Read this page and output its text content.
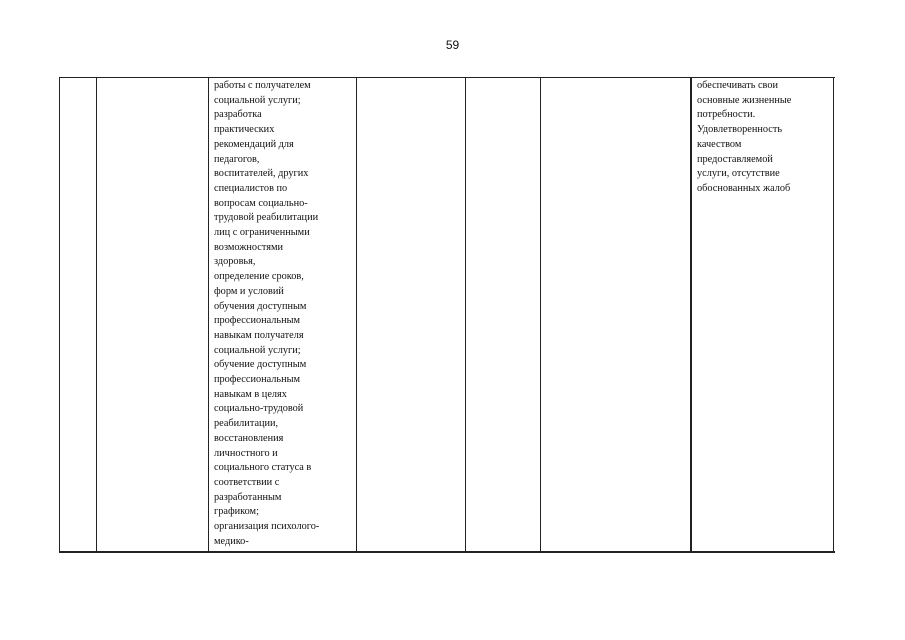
59
работы с получателем
социальной услуги;
разработка
практических
рекомендаций для
педагогов,
воспитателей, других
специалистов по
вопросам социально-
трудовой реабилитации
лиц с ограниченными
возможностями
здоровья,
определение сроков,
форм и условий
обучения доступным
профессиональным
навыкам получателя
социальной услуги;
обучение доступным
профессиональным
навыкам в целях
социально-трудовой
реабилитации,
восстановления
личностного и
социального статуса в
соответствии с
разработанным
графиком;
организация психолого-
медико-
обеспечивать свои
основные жизненные
потребности.
Удовлетворенность
качеством
предоставляемой
услуги, отсутствие
обоснованных жалоб
